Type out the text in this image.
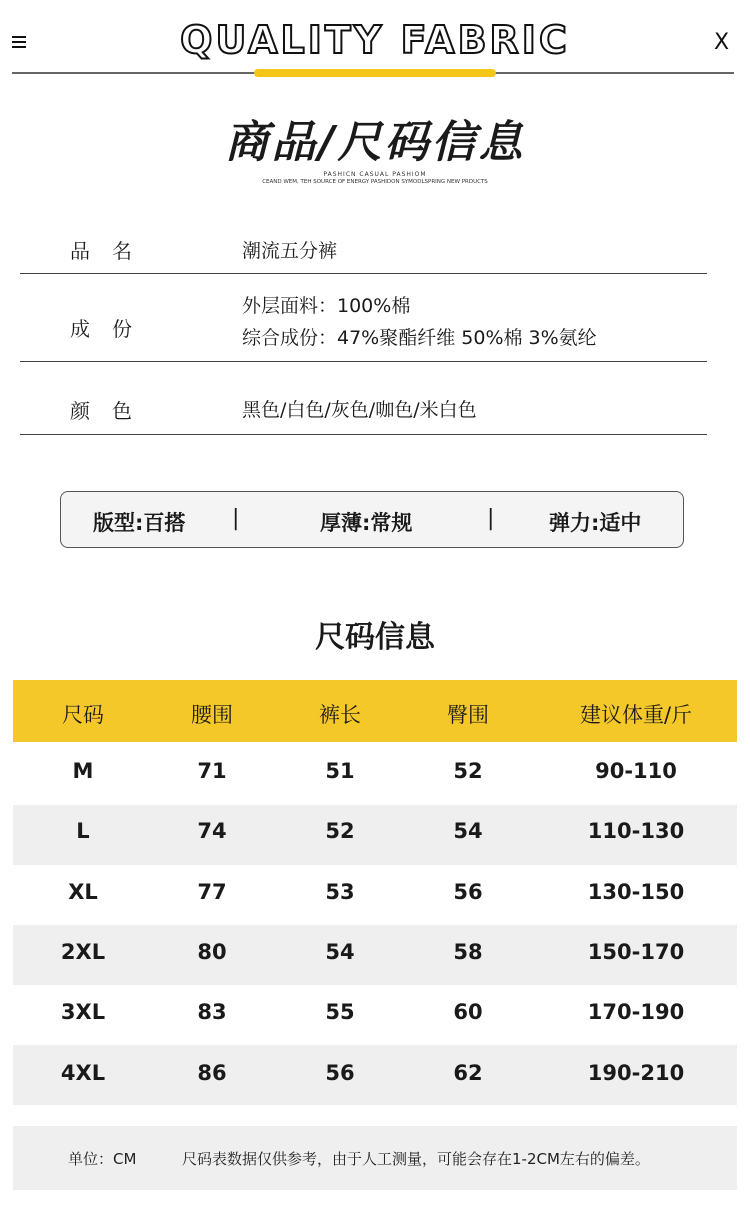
QUALITY FABRIC	X
商品/尺码信息
PASHICN CASUAL PASHIOM
CEAND WEM, TEH SOURCE OF ENERGY PASHIDON SYMODLSPRING NEW PRDUCTS
品名	潮流五分裤
成份
外层面料：100%棉
综合成份：47%聚酯纤维 50%棉 3%氨纶
颜色	黑色/白色/灰色/咖色/米白色
版型:百搭 |	厚薄:常规	|	弹力:适中
尺码信息
尺码	腰围	裤长	臀围	建议体重/斤
M	71	51	52	90-110
L	74	52	54	110-130
XL	77	53	56	130-150
2XL	80	54	58	150-170
3XL	83	55	60	170-190
4XL	86	56	62	190-210
单位：CM	尺码表数据仅供参考，由于人工测量，可能会存在1-2CM左右的偏差。
